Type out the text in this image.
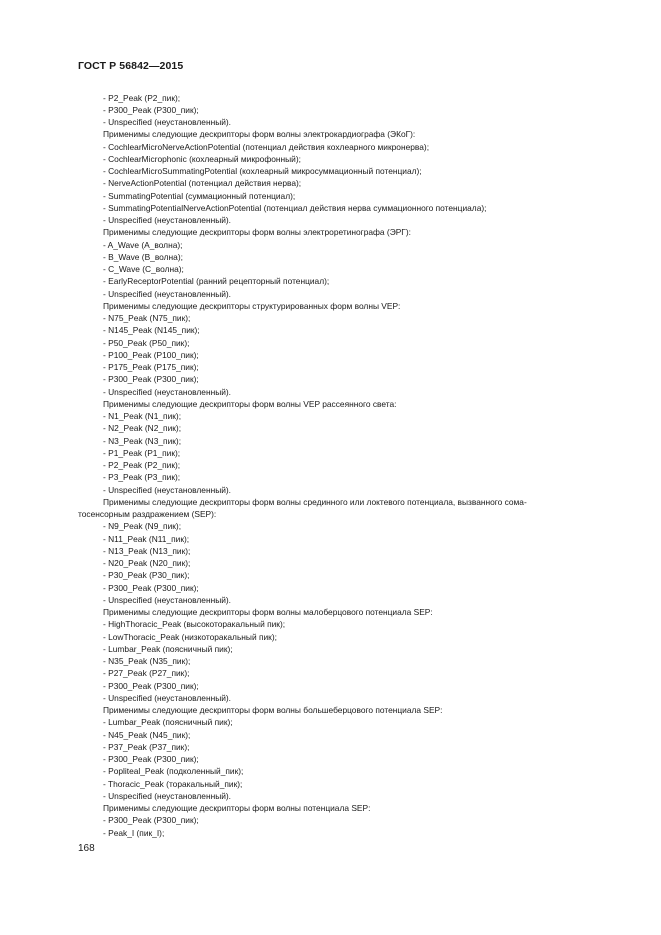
ГОСТ Р 56842—2015
- P2_Peak (P2_пик);
- P300_Peak (P300_пик);
- Unspecified (неустановленный).
Применимы следующие дескрипторы форм волны электрокардиографа (ЭКоГ):
- CochlearMicroNerveActionPotential (потенциал действия кохлеарного микронерва);
- CochlearMicrophonic (кохлеарный микрофонный);
- CochlearMicroSummatingPotential (кохлеарный микросуммационный потенциал);
- NerveActionPotential (потенциал действия нерва);
- SummatingPotential (суммационный потенциал);
- SummatingPotentialNerveActionPotential (потенциал действия нерва суммационного потенциала);
- Unspecified (неустановленный).
Применимы следующие дескрипторы форм волны электроретинографа (ЭРГ):
- A_Wave (A_волна);
- B_Wave (B_волна);
- C_Wave (C_волна);
- EarlyReceptorPotential (ранний рецепторный потенциал);
- Unspecified (неустановленный).
Применимы следующие дескрипторы структурированных форм волны VEP:
- N75_Peak (N75_пик);
- N145_Peak (N145_пик);
- P50_Peak (P50_пик);
- P100_Peak (P100_пик);
- P175_Peak (P175_пик);
- P300_Peak (P300_пик);
- Unspecified (неустановленный).
Применимы следующие дескрипторы форм волны VEP рассеянного света:
- N1_Peak (N1_пик);
- N2_Peak (N2_пик);
- N3_Peak (N3_пик);
- P1_Peak (P1_пик);
- P2_Peak (P2_пик);
- P3_Peak (P3_пик);
- Unspecified (неустановленный).
Применимы следующие дескрипторы форм волны срединного или локтевого потенциала, вызванного сома-
тосенсорным раздражением (SEP):
- N9_Peak (N9_пик);
- N11_Peak (N11_пик);
- N13_Peak (N13_пик);
- N20_Peak (N20_пик);
- P30_Peak (P30_пик);
- P300_Peak (P300_пик);
- Unspecified (неустановленный).
Применимы следующие дескрипторы форм волны малоберцового потенциала SEP:
- HighThoracic_Peak (высокоторакальный пик);
- LowThoracic_Peak (низкоторакальный пик);
- Lumbar_Peak (поясничный пик);
- N35_Peak (N35_пик);
- P27_Peak (P27_пик);
- P300_Peak (P300_пик);
- Unspecified (неустановленный).
Применимы следующие дескрипторы форм волны большеберцового потенциала SEP:
- Lumbar_Peak (поясничный пик);
- N45_Peak (N45_пик);
- P37_Peak (P37_пик);
- P300_Peak (P300_пик);
- Popliteal_Peak (подколенный_пик);
- Thoracic_Peak (торакальный_пик);
- Unspecified (неустановленный).
Применимы следующие дескрипторы форм волны потенциала SEP:
- P300_Peak (P300_пик);
- Peak_I (пик_I);
168
